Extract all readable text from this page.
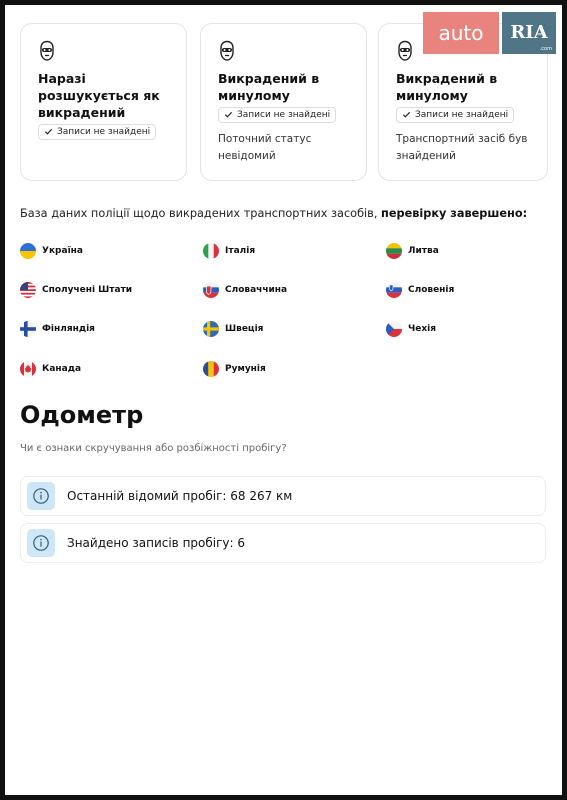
Наразі розшукується як викрадений
Записи не знайдені
Викрадений в минулому
Записи не знайдені

Поточний статус невідомий

Викрадений в минулому
Записи не знайдені

Транспортний засіб був знайдений

auto	RIA
.com
База даних поліції щодо викрадених транспортних засобів, перевірку завершено:
Україна	Італія	Литва
Сполучені Штати	Словаччина	Словенія
Фінляндія	Швеція	Чехія
Канада	Румунія
Одометр
Чи є ознаки скручування або розбіжності пробігу?
Останній відомий пробіг: 68 267 км
Знайдено записів пробігу: 6
